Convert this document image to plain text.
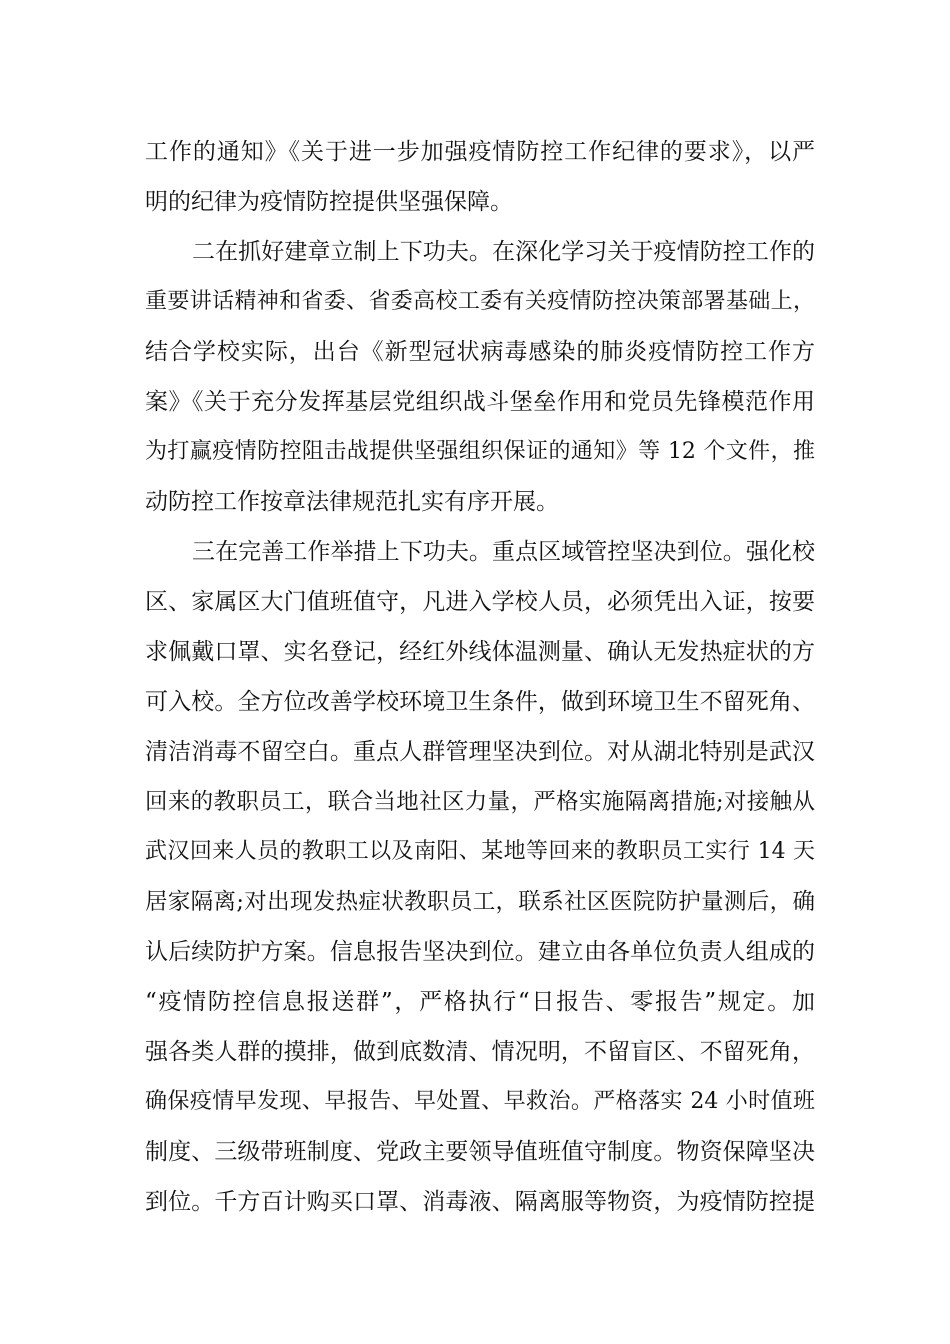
工作的通知》《关于进一步加强疫情防控工作纪律的要求》，以严
明的纪律为疫情防控提供坚强保障。
二在抓好建章立制上下功夫。在深化学习关于疫情防控工作的
重要讲话精神和省委、省委高校工委有关疫情防控决策部署基础上，
结合学校实际，出台《新型冠状病毒感染的肺炎疫情防控工作方
案》《关于充分发挥基层党组织战斗堡垒作用和党员先锋模范作用
为打赢疫情防控阻击战提供坚强组织保证的通知》等 12 个文件，推
动防控工作按章法律规范扎实有序开展。
三在完善工作举措上下功夫。重点区域管控坚决到位。强化校
区、家属区大门值班值守，凡进入学校人员，必须凭出入证，按要
求佩戴口罩、实名登记，经红外线体温测量、确认无发热症状的方
可入校。全方位改善学校环境卫生条件，做到环境卫生不留死角、
清洁消毒不留空白。重点人群管理坚决到位。对从湖北特别是武汉
回来的教职员工，联合当地社区力量，严格实施隔离措施;对接触从
武汉回来人员的教职工以及南阳、某地等回来的教职员工实行 14 天
居家隔离;对出现发热症状教职员工，联系社区医院防护量测后，确
认后续防护方案。信息报告坚决到位。建立由各单位负责人组成的
“疫情防控信息报送群”，严格执行“日报告、零报告”规定。加
强各类人群的摸排，做到底数清、情况明，不留盲区、不留死角，
确保疫情早发现、早报告、早处置、早救治。严格落实 24 小时值班
制度、三级带班制度、党政主要领导值班值守制度。物资保障坚决
到位。千方百计购买口罩、消毒液、隔离服等物资，为疫情防控提
